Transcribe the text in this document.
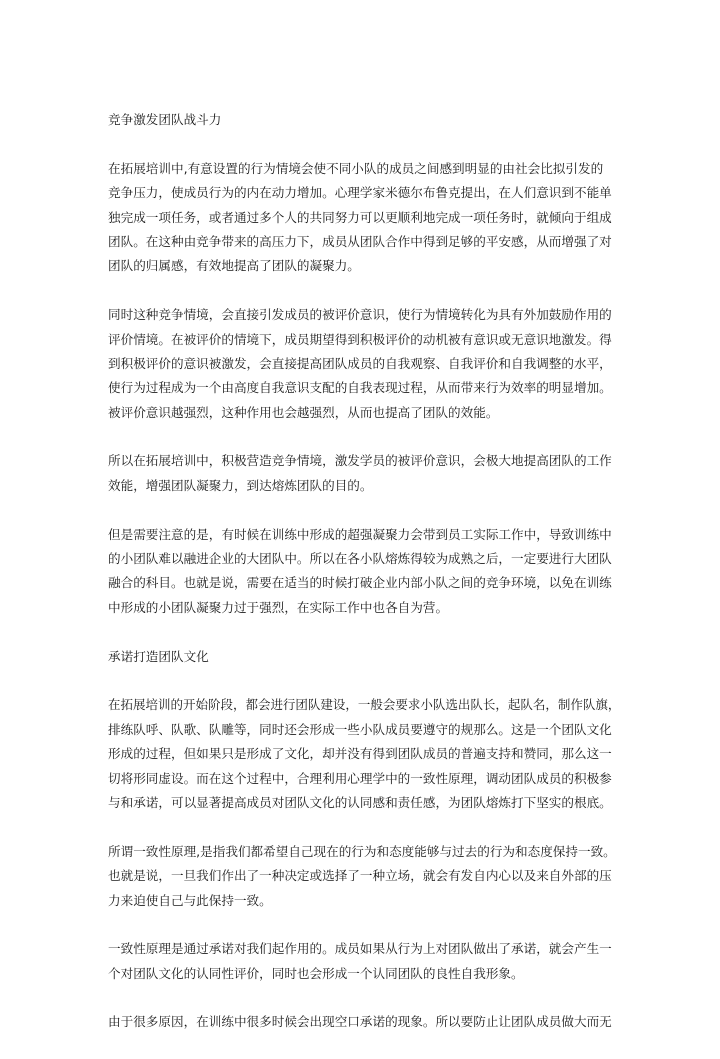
竞争激发团队战斗力
在拓展培训中,有意设置的行为情境会使不同小队的成员之间感到明显的由社会比拟引发的
竞争压力，使成员行为的内在动力增加。心理学家米德尔布鲁克提出，在人们意识到不能单
独完成一项任务，或者通过多个人的共同努力可以更顺利地完成一项任务时，就倾向于组成
团队。在这种由竞争带来的高压力下，成员从团队合作中得到足够的平安感，从而增强了对
团队的归属感，有效地提高了团队的凝聚力。
同时这种竞争情境，会直接引发成员的被评价意识，使行为情境转化为具有外加鼓励作用的
评价情境。在被评价的情境下，成员期望得到积极评价的动机被有意识或无意识地激发。得
到积极评价的意识被激发，会直接提高团队成员的自我观察、自我评价和自我调整的水平，
使行为过程成为一个由高度自我意识支配的自我表现过程，从而带来行为效率的明显增加。
被评价意识越强烈，这种作用也会越强烈，从而也提高了团队的效能。
所以在拓展培训中，积极营造竞争情境，激发学员的被评价意识，会极大地提高团队的工作
效能，增强团队凝聚力，到达熔炼团队的目的。
但是需要注意的是，有时候在训练中形成的超强凝聚力会带到员工实际工作中，导致训练中
的小团队难以融进企业的大团队中。所以在各小队熔炼得较为成熟之后，一定要进行大团队
融合的科目。也就是说，需要在适当的时候打破企业内部小队之间的竞争环境，以免在训练
中形成的小团队凝聚力过于强烈，在实际工作中也各自为营。
承诺打造团队文化
在拓展培训的开始阶段，都会进行团队建设，一般会要求小队选出队长，起队名，制作队旗，
排练队呼、队歌、队雕等，同时还会形成一些小队成员要遵守的规那么。这是一个团队文化
形成的过程，但如果只是形成了文化，却并没有得到团队成员的普遍支持和赞同，那么这一
切将形同虚设。而在这个过程中，合理利用心理学中的一致性原理，调动团队成员的积极参
与和承诺，可以显著提高成员对团队文化的认同感和责任感，为团队熔炼打下坚实的根底。
所谓一致性原理,是指我们都希望自己现在的行为和态度能够与过去的行为和态度保持一致。
也就是说，一旦我们作出了一种决定或选择了一种立场，就会有发自内心以及来自外部的压
力来迫使自己与此保持一致。
一致性原理是通过承诺对我们起作用的。成员如果从行为上对团队做出了承诺，就会产生一
个对团队文化的认同性评价，同时也会形成一个认同团队的良性自我形象。
由于很多原因，在训练中很多时候会出现空口承诺的现象。所以要防止让团队成员做大而无
